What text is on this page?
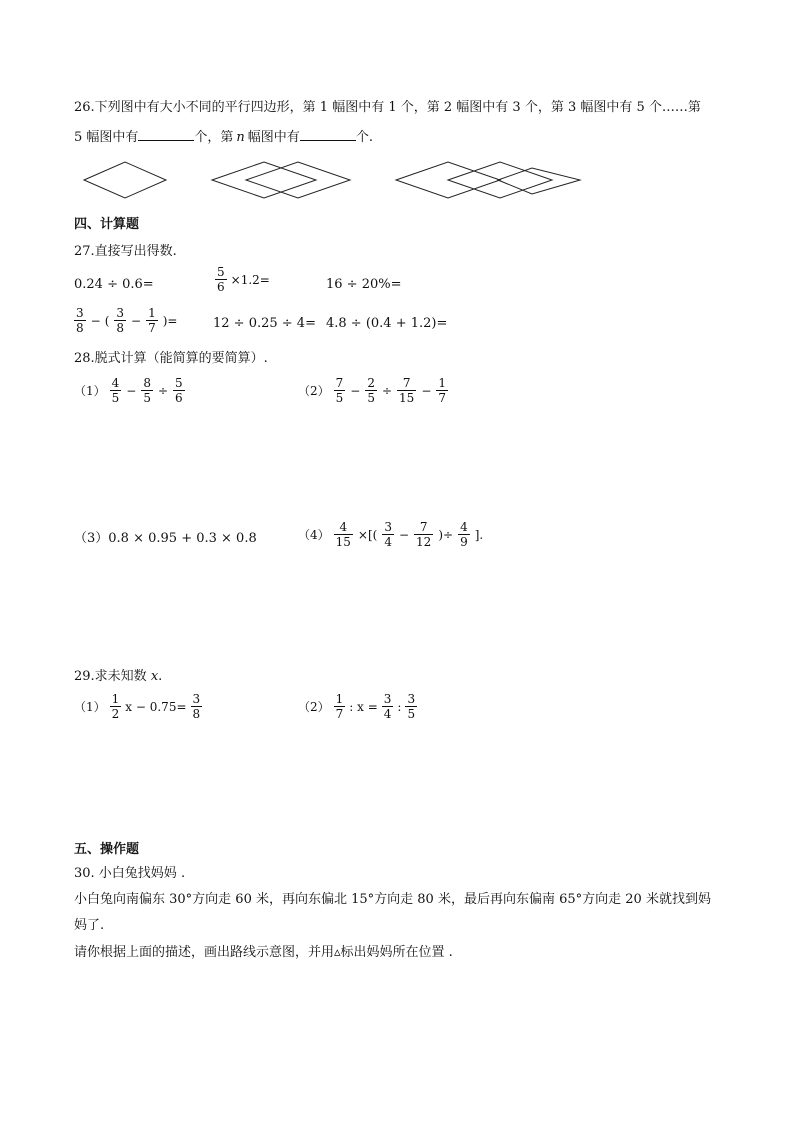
26.下列图中有大小不同的平行四边形，第 1 幅图中有 1 个，第 2 幅图中有 3 个，第 3 幅图中有 5 个……第
5 幅图中有	个，第 n 幅图中有	个.
四、计算题
27.直接写出得数.
0.24 ÷ 0.6=	$\frac{5}{6} \times 1.2=$	16 ÷ 20%=
$\frac{3}{8}$ − ( $\frac{3}{8} - \frac{1}{7}$ )=	12 ÷ 0.25 ÷ 4= 4.8 ÷ (0.4 + 1.2)=
28.脱式计算（能简算的要简算）.
$(1) \frac{4}{5} - \frac{8}{5} \div \frac{5}{6}$	$(2) \frac{7}{5} - \frac{2}{5} \div \frac{7}{15} - \frac{1}{7}$
（3）0.8 × 0.95 + 0.3 × 0.8	$(4) \frac{4}{15}$ ×[( $\frac{3}{4} - \frac{7}{12}$ )÷ $\frac{4}{9}$ ].
29.求未知数 x.
$(1) \frac{1}{2}$ $x - 0.75= \frac{3}{8}$	$(2) \frac{1}{7}$ : $x = \frac{3}{4}$ : $\frac{3}{5}$
五、操作题
30. 小白兔找妈妈 .
小白兔向南偏东 30°方向走 60 米，再向东偏北 15°方向走 80 米，最后再向东偏南 65°方向走 20 米就找到妈
妈了.
请你根据上面的描述，画出路线示意图，并用▵标出妈妈所在位置 .
